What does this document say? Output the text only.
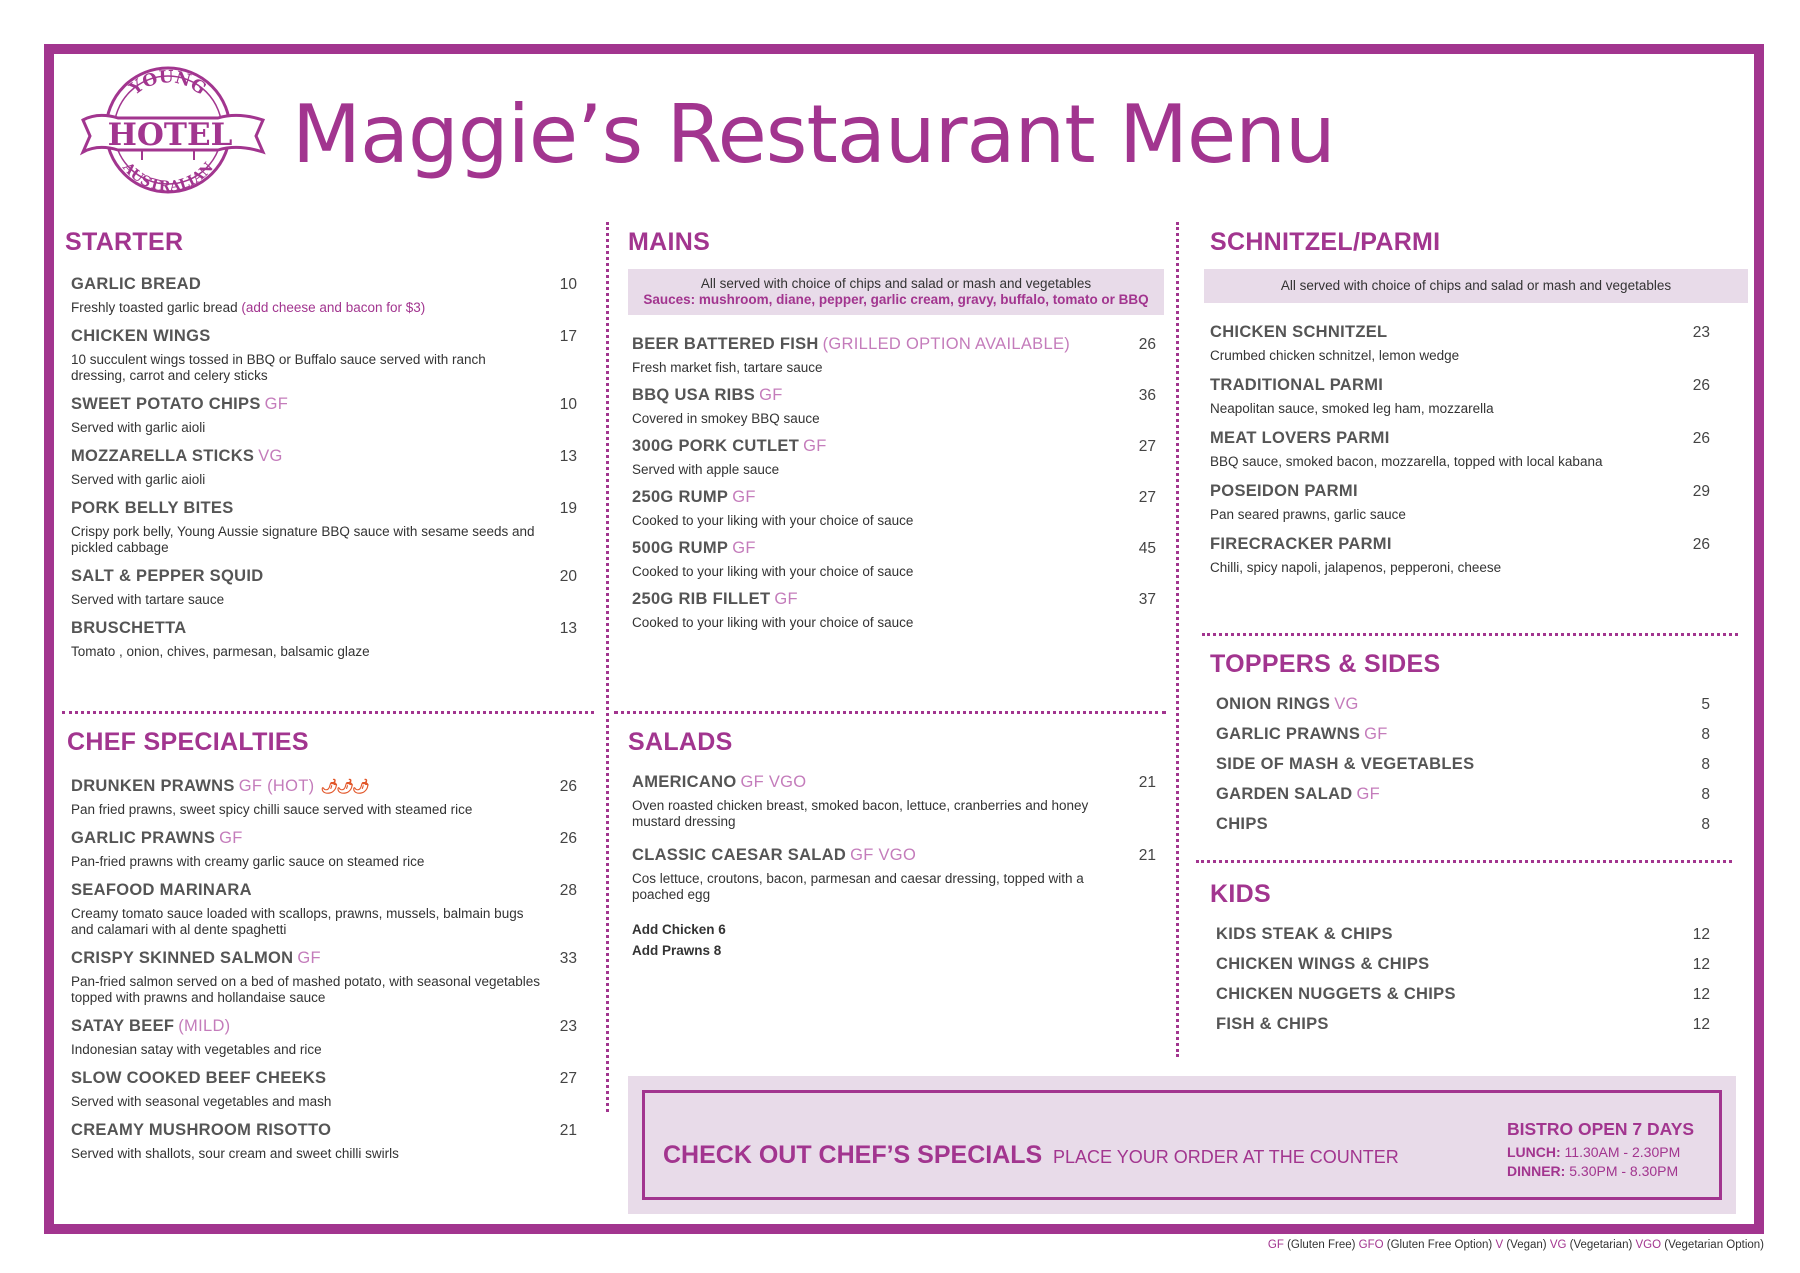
YOUNG
HOTEL
AUSTRALIAN Maggie’s Restaurant Menu
STARTER
GARLIC BREAD	10
Freshly toasted garlic bread (add cheese and bacon for $3)
CHICKEN WINGS	17
10 succulent wings tossed in BBQ or Buffalo sauce served with ranch dressing, carrot and celery sticks
SWEET POTATO CHIPS GF	10
Served with garlic aioli
MOZZARELLA STICKS VG	13
Served with garlic aioli
PORK BELLY BITES	19
Crispy pork belly, Young Aussie signature BBQ sauce with sesame seeds and pickled cabbage
SALT & PEPPER SQUID	20
Served with tartare sauce
BRUSCHETTA	13
Tomato , onion, chives, parmesan, balsamic glaze
CHEF SPECIALTIES
DRUNKEN PRAWNS GF (HOT) 🌶🌶🌶	26
Pan fried prawns, sweet spicy chilli sauce served with steamed rice
GARLIC PRAWNS GF	26
Pan-fried prawns with creamy garlic sauce on steamed rice
SEAFOOD MARINARA	28
Creamy tomato sauce loaded with scallops, prawns, mussels, balmain bugs and calamari with al dente spaghetti
CRISPY SKINNED SALMON GF	33
Pan-fried salmon served on a bed of mashed potato, with seasonal vegetables topped with prawns and hollandaise sauce
SATAY BEEF (MILD)	23
Indonesian satay with vegetables and rice
SLOW COOKED BEEF CHEEKS	27
Served with seasonal vegetables and mash
CREAMY MUSHROOM RISOTTO	21
Served with shallots, sour cream and sweet chilli swirls
MAINS
All served with choice of chips and salad or mash and vegetables
Sauces: mushroom, diane, pepper, garlic cream, gravy, buffalo, tomato or BBQ
BEER BATTERED FISH (GRILLED OPTION AVAILABLE)	26
Fresh market fish, tartare sauce
BBQ USA RIBS GF	36
Covered in smokey BBQ sauce
300G PORK CUTLET GF	27
Served with apple sauce
250G RUMP GF	27
Cooked to your liking with your choice of sauce
500G RUMP GF	45
Cooked to your liking with your choice of sauce
250G RIB FILLET GF	37
Cooked to your liking with your choice of sauce
SALADS
AMERICANO GF VGO	21
Oven roasted chicken breast, smoked bacon, lettuce, cranberries and honey mustard dressing
CLASSIC CAESAR SALAD GF VGO	21
Cos lettuce, croutons, bacon, parmesan and caesar dressing, topped with a poached egg
Add Chicken 6
Add Prawns 8
SCHNITZEL/PARMI
All served with choice of chips and salad or mash and vegetables
CHICKEN SCHNITZEL	23
Crumbed chicken schnitzel, lemon wedge
TRADITIONAL PARMI	26
Neapolitan sauce, smoked leg ham, mozzarella
MEAT LOVERS PARMI	26
BBQ sauce, smoked bacon, mozzarella, topped with local kabana
POSEIDON PARMI	29
Pan seared prawns, garlic sauce
FIRECRACKER PARMI	26
Chilli, spicy napoli, jalapenos, pepperoni, cheese
TOPPERS & SIDES
ONION RINGS VG	5
GARLIC PRAWNS GF	8
SIDE OF MASH & VEGETABLES	8
GARDEN SALAD GF	8
CHIPS	8
KIDS
KIDS STEAK & CHIPS	12
CHICKEN WINGS & CHIPS	12
CHICKEN NUGGETS & CHIPS	12
FISH & CHIPS	12
CHECK OUT CHEF’S SPECIALS PLACE YOUR ORDER AT THE COUNTER
BISTRO OPEN 7 DAYS
LUNCH: 11.30AM - 2.30PM
DINNER: 5.30PM - 8.30PM
GF (Gluten Free) GFO (Gluten Free Option) V (Vegan) VG (Vegetarian) VGO (Vegetarian Option)
